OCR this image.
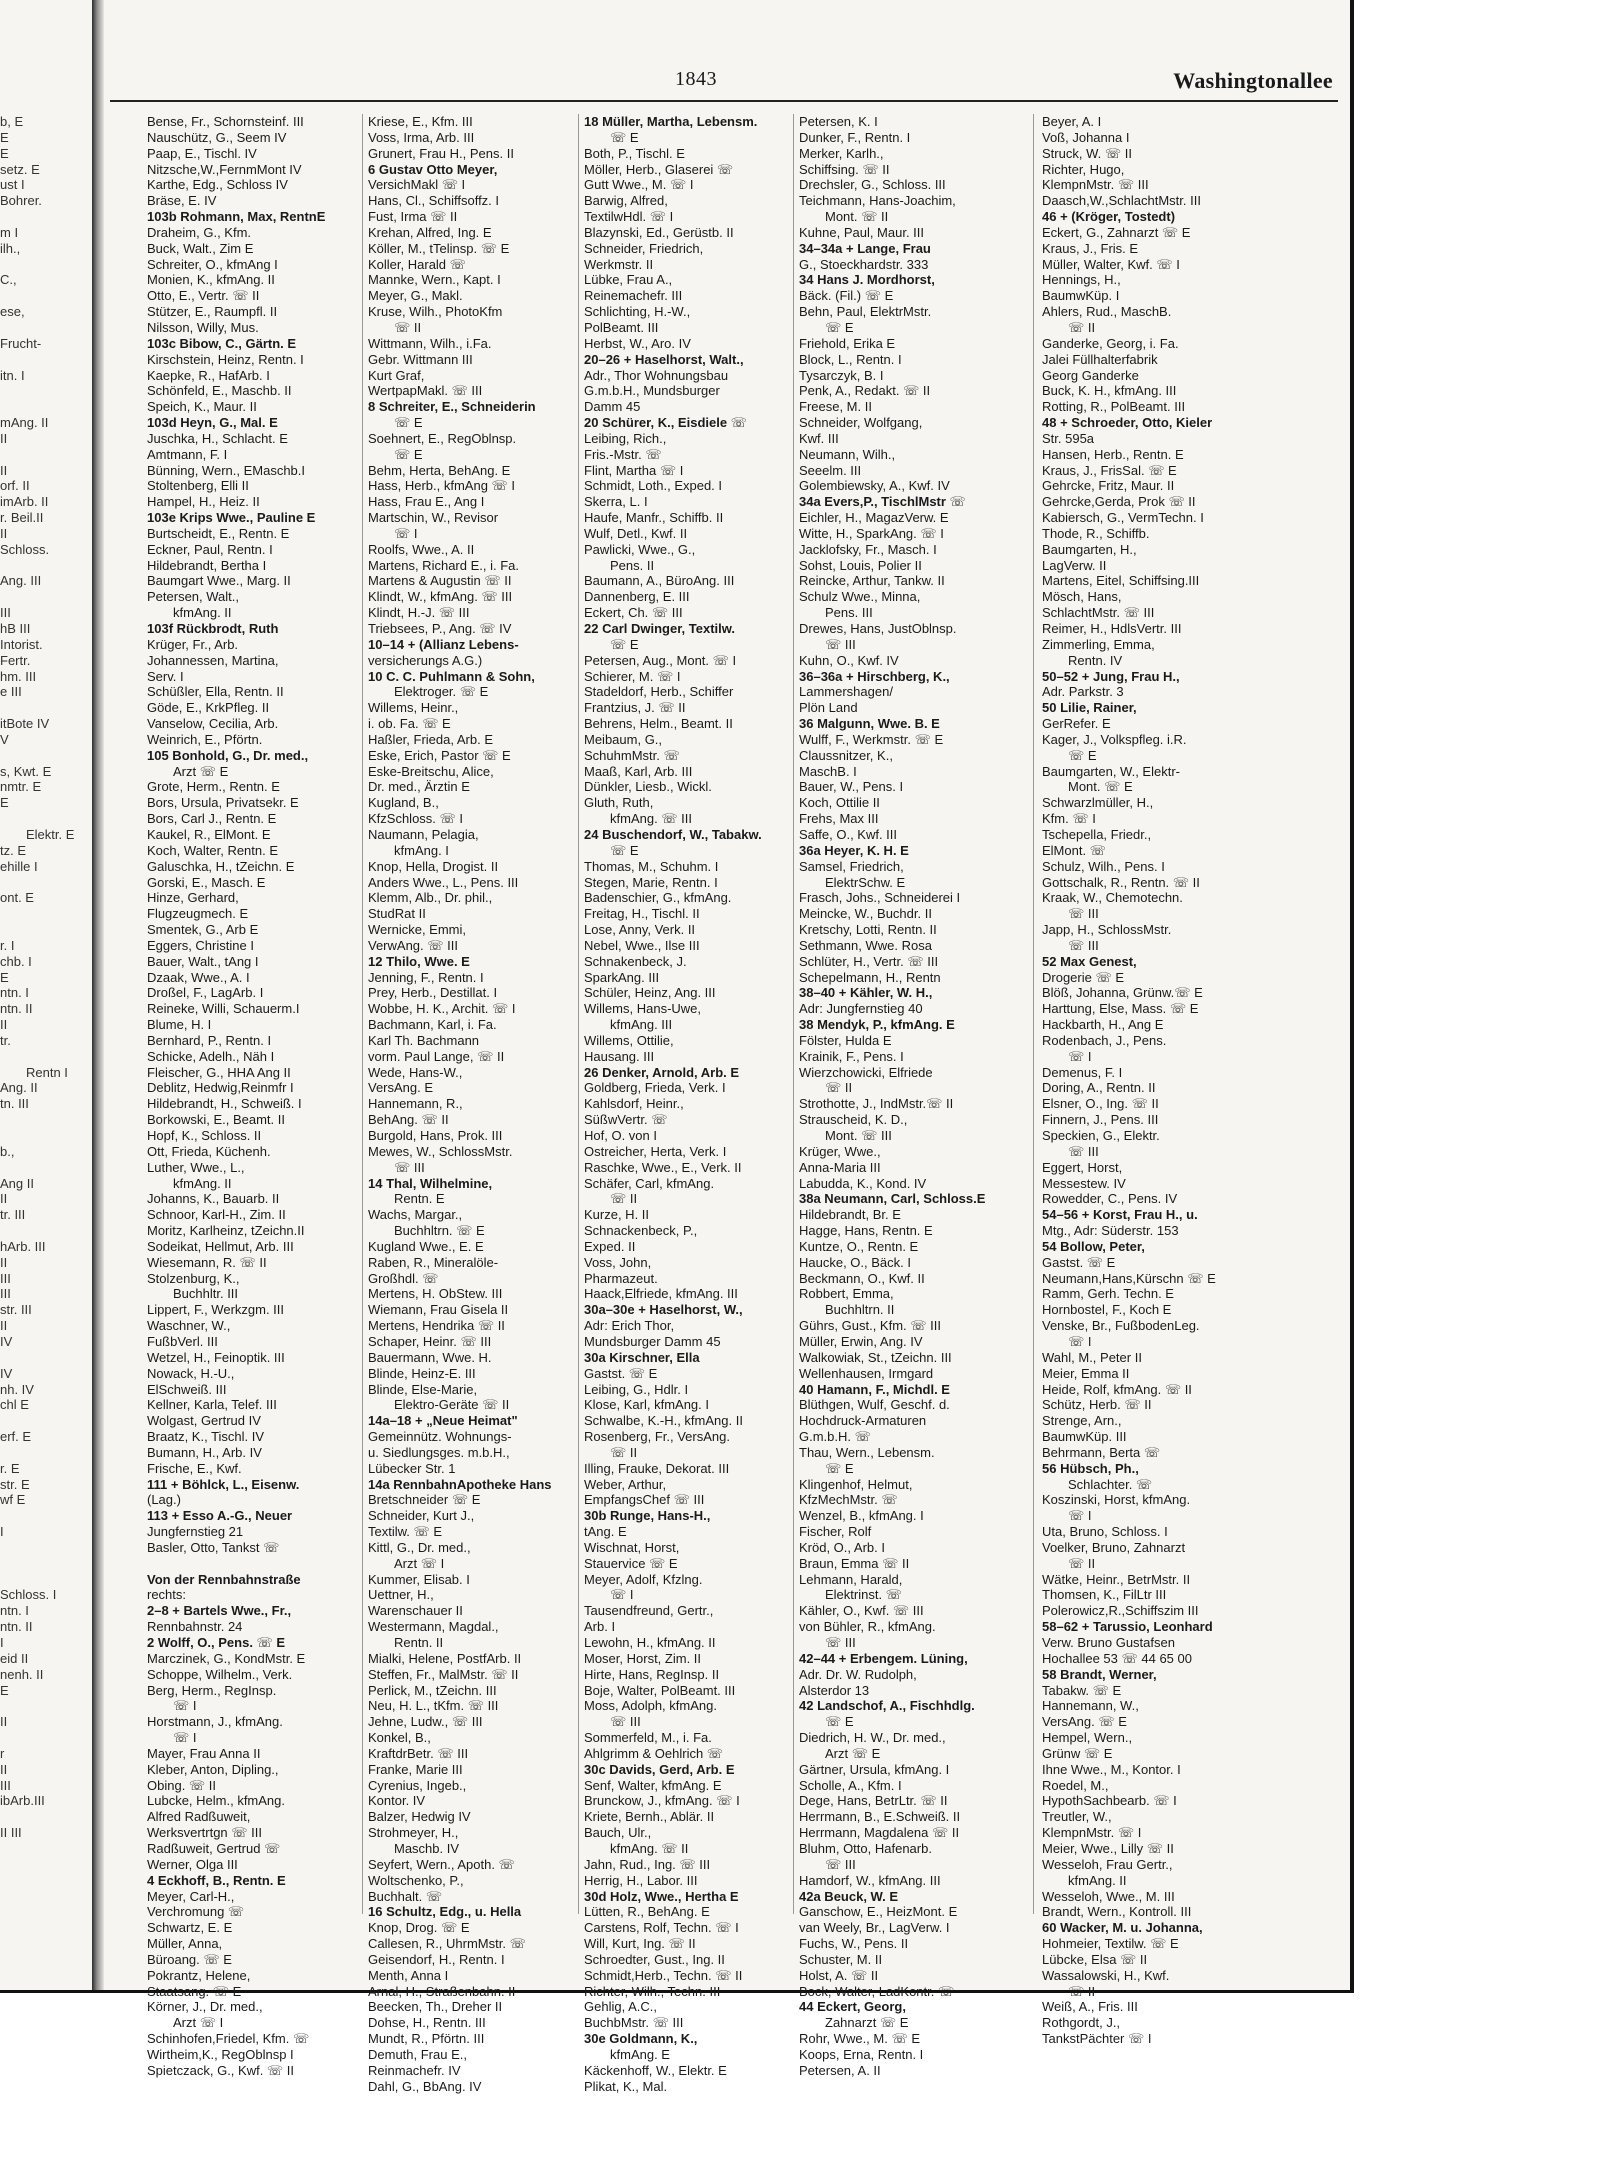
1843	Washingtonallee
b, E
E
E
setz. E
ust I
Bohrer.

m I
ilh.,

C.,

ese,

Frucht-

itn. I

mAng. II
II

II
orf. II
imArb. II
r. Beil.II
II
Schloss.

Ang. III

III
hB III
Intorist.
Fertr.
hm. III
e III

itBote IV
V

s, Kwt. E
nmtr. E
E

Elektr. E
tz. E
ehille I

ont. E

r. I
chb. I
E
ntn. I
ntn. II
II
tr.

Rentn I
Ang. II
tn. III

b.,

Ang II
II
tr. III

hArb. III
II
III
III
str. III
II
IV

IV
nh. IV
chl E

erf. E

r. E
str. E
wf E

I

Schloss. I
ntn. I
ntn. II
I
eid II
nenh. II
E

II

r
II
III
ibArb.III

II III
Bense, Fr., Schornsteinf. III
Nauschütz, G., Seem IV
Paap, E., Tischl. IV
Nitzsche,W.,FernmMont IV
Karthe, Edg., Schloss IV
Bräse, E. IV
103b Rohmann, Max, RentnE
Draheim, G., Kfm.
Buck, Walt., Zim E
Schreiter, O., kfmAng I
Monien, K., kfmAng. II
Otto, E., Vertr. ☏ II
Stützer, E., Raumpfl. II
Nilsson, Willy, Mus.
103c Bibow, C., Gärtn. E
Kirschstein, Heinz, Rentn. I
Kaepke, R., HafArb. I
Schönfeld, E., Maschb. II
Speich, K., Maur. II
103d Heyn, G., Mal. E
Juschka, H., Schlacht. E
Amtmann, F. I
Bünning, Wern., EMaschb.I
Stoltenberg, Elli II
Hampel, H., Heiz. II
103e Krips Wwe., Pauline E
Burtscheidt, E., Rentn. E
Eckner, Paul, Rentn. I
Hildebrandt, Bertha I
Baumgart Wwe., Marg. II
Petersen, Walt.,
kfmAng. II
103f Rückbrodt, Ruth
Krüger, Fr., Arb.
Johannessen, Martina,
Serv. I
Schüßler, Ella, Rentn. II
Göde, E., KrkPfleg. II
Vanselow, Cecilia, Arb.
Weinrich, E., Pförtn.
105 Bonhold, G., Dr. med.,
Arzt ☏ E
Grote, Herm., Rentn. E
Bors, Ursula, Privatsekr. E
Bors, Carl J., Rentn. E
Kaukel, R., ElMont. E
Koch, Walter, Rentn. E
Galuschka, H., tZeichn. E
Gorski, E., Masch. E
Hinze, Gerhard,
Flugzeugmech. E
Smentek, G., Arb E
Eggers, Christine I
Bauer, Walt., tAng I
Dzaak, Wwe., A. I
Droßel, F., LagArb. I
Reineke, Willi, Schauerm.I
Blume, H. I
Bernhard, P., Rentn. I
Schicke, Adelh., Näh I
Fleischer, G., HHA Ang II
Deblitz, Hedwig,Reinmfr I
Hildebrandt, H., Schweiß. I
Borkowski, E., Beamt. II
Hopf, K., Schloss. II
Ott, Frieda, Küchenh.
Luther, Wwe., L.,
kfmAng. II
Johanns, K., Bauarb. II
Schnoor, Karl-H., Zim. II
Moritz, Karlheinz, tZeichn.II
Sodeikat, Hellmut, Arb. III
Wiesemann, R. ☏ II
Stolzenburg, K.,
Buchhltr. III
Lippert, F., Werkzgm. III
Waschner, W.,
FußbVerl. III
Wetzel, H., Feinoptik. III
Nowack, H.-U.,
ElSchweiß. III
Kellner, Karla, Telef. III
Wolgast, Gertrud IV
Braatz, K., Tischl. IV
Bumann, H., Arb. IV
Frische, E., Kwf.
111 + Böhlck, L., Eisenw.
(Lag.)
113 + Esso A.-G., Neuer
Jungfernstieg 21
Basler, Otto, Tankst ☏

Von der Rennbahnstraße
rechts:
2–8 + Bartels Wwe., Fr.,
Rennbahnstr. 24
2 Wolff, O., Pens. ☏ E
Marczinek, G., KondMstr. E
Schoppe, Wilhelm., Verk.
Berg, Herm., RegInsp.
☏ I
Horstmann, J., kfmAng.
☏ I
Mayer, Frau Anna II
Kleber, Anton, Dipling.,
Obing. ☏ II
Lubcke, Helm., kfmAng.
Alfred Radßuweit,
Werksvertrtgn ☏ III
Radßuweit, Gertrud ☏
Werner, Olga III
4 Eckhoff, B., Rentn. E
Meyer, Carl-H.,
Verchromung ☏
Schwartz, E. E
Müller, Anna,
Büroang. ☏ E
Pokrantz, Helene,
Staatsang. ☏ E
Körner, J., Dr. med.,
Arzt ☏ I
Schinhofen,Friedel, Kfm. ☏
Wirtheim,K., RegOblnsp I
Spietczack, G., Kwf. ☏ II
Kriese, E., Kfm. III
Voss, Irma, Arb. III
Grunert, Frau H., Pens. II
6 Gustav Otto Meyer,
VersichMakl ☏ I
Hans, Cl., Schiffsoffz. I
Fust, Irma ☏ II
Krehan, Alfred, Ing. E
Köller, M., tTelinsp. ☏ E
Koller, Harald ☏
Mannke, Wern., Kapt. I
Meyer, G., Makl.
Kruse, Wilh., PhotoKfm
☏ II
Wittmann, Wilh., i.Fa.
Gebr. Wittmann III
Kurt Graf,
WertpapMakl. ☏ III
8 Schreiter, E., Schneiderin
☏ E
Soehnert, E., RegOblnsp.
☏ E
Behm, Herta, BehAng. E
Hass, Herb., kfmAng ☏ I
Hass, Frau E., Ang I
Martschin, W., Revisor
☏ I
Roolfs, Wwe., A. II
Martens, Richard E., i. Fa.
Martens & Augustin ☏ II
Klindt, W., kfmAng. ☏ III
Klindt, H.-J. ☏ III
Triebsees, P., Ang. ☏ IV
10–14 + (Allianz Lebens-
versicherungs A.G.)
10 C. C. Puhlmann & Sohn,
Elektroger. ☏ E
Willems, Heinr.,
i. ob. Fa. ☏ E
Haßler, Frieda, Arb. E
Eske, Erich, Pastor ☏ E
Eske-Breitschu, Alice,
Dr. med., Ärztin E
Kugland, B.,
KfzSchloss. ☏ I
Naumann, Pelagia,
kfmAng. I
Knop, Hella, Drogist. II
Anders Wwe., L., Pens. III
Klemm, Alb., Dr. phil.,
StudRat II
Wernicke, Emmi,
VerwAng. ☏ III
12 Thilo, Wwe. E
Jenning, F., Rentn. I
Prey, Herb., Destillat. I
Wobbe, H. K., Archit. ☏ I
Bachmann, Karl, i. Fa.
Karl Th. Bachmann
vorm. Paul Lange, ☏ II
Wede, Hans-W.,
VersAng. E
Hannemann, R.,
BehAng. ☏ II
Burgold, Hans, Prok. III
Mewes, W., SchlossMstr.
☏ III
14 Thal, Wilhelmine,
Rentn. E
Wachs, Margar.,
Buchhltrn. ☏ E
Kugland Wwe., E. E
Raben, R., Mineralöle-
Großhdl. ☏
Mertens, H. ObStew. III
Wiemann, Frau Gisela II
Mertens, Hendrika ☏ II
Schaper, Heinr. ☏ III
Bauermann, Wwe. H.
Blinde, Heinz-E. III
Blinde, Else-Marie,
Elektro-Geräte ☏ II
14a–18 + „Neue Heimat"
Gemeinnütz. Wohnungs-
u. Siedlungsges. m.b.H.,
Lübecker Str. 1
14a RennbahnApotheke Hans
Bretschneider ☏ E
Schneider, Kurt J.,
Textilw. ☏ E
Kittl, G., Dr. med.,
Arzt ☏ I
Kummer, Elisab. I
Uettner, H.,
Warenschauer II
Westermann, Magdal.,
Rentn. II
Mialki, Helene, PostfArb. II
Steffen, Fr., MalMstr. ☏ II
Perlick, M., tZeichn. III
Neu, H. L., tKfm. ☏ III
Jehne, Ludw., ☏ III
Konkel, B.,
KraftdrBetr. ☏ III
Franke, Marie III
Cyrenius, Ingeb.,
Kontor. IV
Balzer, Hedwig IV
Strohmeyer, H.,
Maschb. IV
Seyfert, Wern., Apoth. ☏
Woltschenko, P.,
Buchhalt. ☏
16 Schultz, Edg., u. Hella
Knop, Drog. ☏ E
Callesen, R., UhrmMstr. ☏
Geisendorf, H., Rentn. I
Menth, Anna I
Arnal, H., Straßenbahn. II
Beecken, Th., Dreher II
Dohse, H., Rentn. III
Mundt, R., Pförtn. III
Demuth, Frau E.,
Reinmachefr. IV
Dahl, G., BbAng. IV
18 Müller, Martha, Lebensm.
☏ E
Both, P., Tischl. E
Möller, Herb., Glaserei ☏
Gutt Wwe., M. ☏ I
Barwig, Alfred,
TextilwHdl. ☏ I
Blazynski, Ed., Gerüstb. II
Schneider, Friedrich,
Werkmstr. II
Lübke, Frau A.,
Reinemachefr. III
Schlichting, H.-W.,
PolBeamt. III
Herbst, W., Aro. IV
20–26 + Haselhorst, Walt.,
Adr., Thor Wohnungsbau
G.m.b.H., Mundsburger
Damm 45
20 Schürer, K., Eisdiele ☏
Leibing, Rich.,
Fris.-Mstr. ☏
Flint, Martha ☏ I
Schmidt, Loth., Exped. I
Skerra, L. I
Haufe, Manfr., Schiffb. II
Wulf, Detl., Kwf. II
Pawlicki, Wwe., G.,
Pens. II
Baumann, A., BüroAng. III
Dannenberg, E. III
Eckert, Ch. ☏ III
22 Carl Dwinger, Textilw.
☏ E
Petersen, Aug., Mont. ☏ I
Schierer, M. ☏ I
Stadeldorf, Herb., Schiffer
Frantzius, J. ☏ II
Behrens, Helm., Beamt. II
Meibaum, G.,
SchuhmMstr. ☏
Maaß, Karl, Arb. III
Dünkler, Liesb., Wickl.
Gluth, Ruth,
kfmAng. ☏ III
24 Buschendorf, W., Tabakw.
☏ E
Thomas, M., Schuhm. I
Stegen, Marie, Rentn. I
Badenschier, G., kfmAng.
Freitag, H., Tischl. II
Lose, Anny, Verk. II
Nebel, Wwe., Ilse III
Schnakenbeck, J.
SparkAng. III
Schüler, Heinz, Ang. III
Willems, Hans-Uwe,
kfmAng. III
Willems, Ottilie,
Hausang. III
26 Denker, Arnold, Arb. E
Goldberg, Frieda, Verk. I
Kahlsdorf, Heinr.,
SüßwVertr. ☏
Hof, O. von I
Ostreicher, Herta, Verk. I
Raschke, Wwe., E., Verk. II
Schäfer, Carl, kfmAng.
☏ II
Kurze, H. II
Schnackenbeck, P.,
Exped. II
Voss, John,
Pharmazeut.
Haack,Elfriede, kfmAng. III
30a–30e + Haselhorst, W.,
Adr: Erich Thor,
Mundsburger Damm 45
30a Kirschner, Ella
Gastst. ☏ E
Leibing, G., Hdlr. I
Klose, Karl, kfmAng. I
Schwalbe, K.-H., kfmAng. II
Rosenberg, Fr., VersAng.
☏ II
Illing, Frauke, Dekorat. III
Weber, Arthur,
EmpfangsChef ☏ III
30b Runge, Hans-H.,
tAng. E
Wischnat, Horst,
Stauervice ☏ E
Meyer, Adolf, Kfzlng.
☏ I
Tausendfreund, Gertr.,
Arb. I
Lewohn, H., kfmAng. II
Moser, Horst, Zim. II
Hirte, Hans, RegInsp. II
Boje, Walter, PolBeamt. III
Moss, Adolph, kfmAng.
☏ III
Sommerfeld, M., i. Fa.
Ahlgrimm & Oehlrich ☏
30c Davids, Gerd, Arb. E
Senf, Walter, kfmAng. E
Brunckow, J., kfmAng. ☏ I
Kriete, Bernh., Ablär. II
Bauch, Ulr.,
kfmAng. ☏ II
Jahn, Rud., Ing. ☏ III
Herrig, H., Labor. III
30d Holz, Wwe., Hertha E
Lütten, R., BehAng. E
Carstens, Rolf, Techn. ☏ I
Will, Kurt, Ing. ☏ II
Schroedter, Gust., Ing. II
Schmidt,Herb., Techn. ☏ II
Richter, Wilh., Techn. III
Gehlig, A.C.,
BuchbMstr. ☏ III
30e Goldmann, K.,
kfmAng. E
Käckenhoff, W., Elektr. E
Plikat, K., Mal.
Petersen, K. I
Dunker, F., Rentn. I
Merker, Karlh.,
Schiffsing. ☏ II
Drechsler, G., Schloss. III
Teichmann, Hans-Joachim,
Mont. ☏ II
Kuhne, Paul, Maur. III
34–34a + Lange, Frau
G., Stoeckhardstr. 333
34 Hans J. Mordhorst,
Bäck. (Fil.) ☏ E
Behn, Paul, ElektrMstr.
☏ E
Friehold, Erika E
Block, L., Rentn. I
Tysarczyk, B. I
Penk, A., Redakt. ☏ II
Freese, M. II
Schneider, Wolfgang,
Kwf. III
Neumann, Wilh.,
Seeelm. III
Golembiewsky, A., Kwf. IV
34a Evers,P., TischlMstr ☏
Eichler, H., MagazVerw. E
Witte, H., SparkAng. ☏ I
Jacklofsky, Fr., Masch. I
Sohst, Louis, Polier II
Reincke, Arthur, Tankw. II
Schulz Wwe., Minna,
Pens. III
Drewes, Hans, JustOblnsp.
☏ III
Kuhn, O., Kwf. IV
36–36a + Hirschberg, K.,
Lammershagen/
Plön Land
36 Malgunn, Wwe. B. E
Wulff, F., Werkmstr. ☏ E
Claussnitzer, K.,
MaschB. I
Bauer, W., Pens. I
Koch, Ottilie II
Frehs, Max III
Saffe, O., Kwf. III
36a Heyer, K. H. E
Samsel, Friedrich,
ElektrSchw. E
Frasch, Johs., Schneiderei I
Meincke, W., Buchdr. II
Kretschy, Lotti, Rentn. II
Sethmann, Wwe. Rosa
Schlüter, H., Vertr. ☏ III
Schepelmann, H., Rentn
38–40 + Kähler, W. H.,
Adr: Jungfernstieg 40
38 Mendyk, P., kfmAng. E
Fölster, Hulda E
Krainik, F., Pens. I
Wierzchowicki, Elfriede
☏ II
Strothotte, J., IndMstr.☏ II
Strauscheid, K. D.,
Mont. ☏ III
Krüger, Wwe.,
Anna-Maria III
Labudda, K., Kond. IV
38a Neumann, Carl, Schloss.E
Hildebrandt, Br. E
Hagge, Hans, Rentn. E
Kuntze, O., Rentn. E
Haucke, O., Bäck. I
Beckmann, O., Kwf. II
Robbert, Emma,
Buchhltrn. II
Gührs, Gust., Kfm. ☏ III
Müller, Erwin, Ang. IV
Walkowiak, St., tZeichn. III
Wellenhausen, Irmgard
40 Hamann, F., Michdl. E
Blüthgen, Wulf, Geschf. d.
Hochdruck-Armaturen
G.m.b.H. ☏
Thau, Wern., Lebensm.
☏ E
Klingenhof, Helmut,
KfzMechMstr. ☏
Wenzel, B., kfmAng. I
Fischer, Rolf
Kröd, O., Arb. I
Braun, Emma ☏ II
Lehmann, Harald,
Elektrinst. ☏
Kähler, O., Kwf. ☏ III
von Bühler, R., kfmAng.
☏ III
42–44 + Erbengem. Lüning,
Adr. Dr. W. Rudolph,
Alsterdor 13
42 Landschof, A., Fischhdlg.
☏ E
Diedrich, H. W., Dr. med.,
Arzt ☏ E
Gärtner, Ursula, kfmAng. I
Scholle, A., Kfm. I
Dege, Hans, BetrLtr. ☏ II
Herrmann, B., E.Schweiß. II
Herrmann, Magdalena ☏ II
Bluhm, Otto, Hafenarb.
☏ III
Hamdorf, W., kfmAng. III
42a Beuck, W. E
Ganschow, E., HeizMont. E
van Weely, Br., LagVerw. I
Fuchs, W., Pens. II
Schuster, M. II
Holst, A. ☏ II
Bock, Walter, LadKontr. ☏
44 Eckert, Georg,
Zahnarzt ☏ E
Rohr, Wwe., M. ☏ E
Koops, Erna, Rentn. I
Petersen, A. II
Beyer, A. I
Voß, Johanna I
Struck, W. ☏ II
Richter, Hugo,
KlempnMstr. ☏ III
Daasch,W.,SchlachtMstr. III
46 + (Kröger, Tostedt)
Eckert, G., Zahnarzt ☏ E
Kraus, J., Fris. E
Müller, Walter, Kwf. ☏ I
Hennings, H.,
BaumwKüp. I
Ahlers, Rud., MaschB.
☏ II
Ganderke, Georg, i. Fa.
Jalei Füllhalterfabrik
Georg Ganderke
Buck, K. H., kfmAng. III
Rotting, R., PolBeamt. III
48 + Schroeder, Otto, Kieler
Str. 595a
Hansen, Herb., Rentn. E
Kraus, J., FrisSal. ☏ E
Gehrcke, Fritz, Maur. II
Gehrcke,Gerda, Prok ☏ II
Kabiersch, G., VermTechn. I
Thode, R., Schiffb.
Baumgarten, H.,
LagVerw. II
Martens, Eitel, Schiffsing.III
Mösch, Hans,
SchlachtMstr. ☏ III
Reimer, H., HdlsVertr. III
Zimmerling, Emma,
Rentn. IV
50–52 + Jung, Frau H.,
Adr. Parkstr. 3
50 Lilie, Rainer,
GerRefer. E
Kager, J., Volkspfleg. i.R.
☏ E
Baumgarten, W., Elektr-
Mont. ☏ E
Schwarzlmüller, H.,
Kfm. ☏ I
Tschepella, Friedr.,
ElMont. ☏
Schulz, Wilh., Pens. I
Gottschalk, R., Rentn. ☏ II
Kraak, W., Chemotechn.
☏ III
Japp, H., SchlossMstr.
☏ III
52 Max Genest,
Drogerie ☏ E
Blöß, Johanna, Grünw.☏ E
Harttung, Else, Mass. ☏ E
Hackbarth, H., Ang E
Rodenbach, J., Pens.
☏ I
Demenus, F. I
Doring, A., Rentn. II
Elsner, O., Ing. ☏ II
Finnern, J., Pens. III
Speckien, G., Elektr.
☏ III
Eggert, Horst,
Messestew. IV
Rowedder, C., Pens. IV
54–56 + Korst, Frau H., u.
Mtg., Adr: Süderstr. 153
54 Bollow, Peter,
Gastst. ☏ E
Neumann,Hans,Kürschn ☏ E
Ramm, Gerh. Techn. E
Hornbostel, F., Koch E
Venske, Br., FußbodenLeg.
☏ I
Wahl, M., Peter II
Meier, Emma II
Heide, Rolf, kfmAng. ☏ II
Schütz, Herb. ☏ II
Strenge, Arn.,
BaumwKüp. III
Behrmann, Berta ☏
56 Hübsch, Ph.,
Schlachter. ☏
Koszinski, Horst, kfmAng.
☏ I
Uta, Bruno, Schloss. I
Voelker, Bruno, Zahnarzt
☏ II
Wätke, Heinr., BetrMstr. II
Thomsen, K., FilLtr III
Polerowicz,R.,Schiffszim III
58–62 + Tarussio, Leonhard
Verw. Bruno Gustafsen
Hochallee 53 ☏ 44 65 00
58 Brandt, Werner,
Tabakw. ☏ E
Hannemann, W.,
VersAng. ☏ E
Hempel, Wern.,
Grünw ☏ E
Ihne Wwe., M., Kontor. I
Roedel, M.,
HypothSachbearb. ☏ I
Treutler, W.,
KlempnMstr. ☏ I
Meier, Wwe., Lilly ☏ II
Wesseloh, Frau Gertr.,
kfmAng. II
Wesseloh, Wwe., M. III
Brandt, Wern., Kontroll. III
60 Wacker, M. u. Johanna,
Hohmeier, Textilw. ☏ E
Lübcke, Elsa ☏ II
Wassalowski, H., Kwf.
☏ II
Weiß, A., Fris. III
Rothgordt, J.,
TankstPächter ☏ I
